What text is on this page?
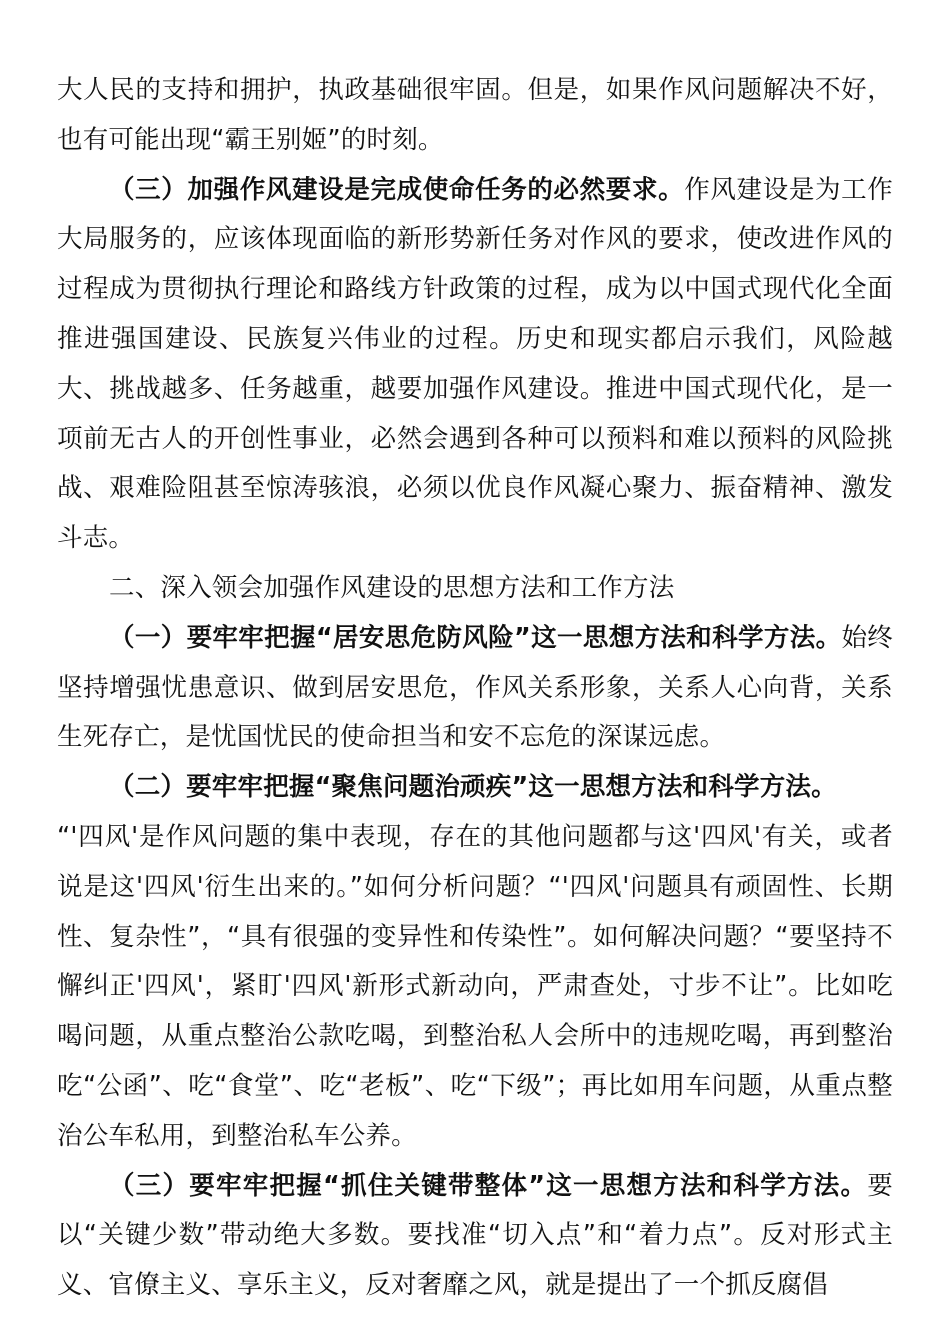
大人民的支持和拥护，执政基础很牢固。但是，如果作风问题解决不好，也有可能出现“霸王别姬”的时刻。

（三）加强作风建设是完成使命任务的必然要求。作风建设是为工作大局服务的，应该体现面临的新形势新任务对作风的要求，使改进作风的过程成为贯彻执行理论和路线方针政策的过程，成为以中国式现代化全面推进强国建设、民族复兴伟业的过程。历史和现实都启示我们，风险越大、挑战越多、任务越重，越要加强作风建设。推进中国式现代化，是一项前无古人的开创性事业，必然会遇到各种可以预料和难以预料的风险挑战、艰难险阻甚至惊涛骇浪，必须以优良作风凝心聚力、振奋精神、激发斗志。

二、深入领会加强作风建设的思想方法和工作方法

（一）要牢牢把握“居安思危防风险”这一思想方法和科学方法。始终坚持增强忧患意识、做到居安思危，作风关系形象，关系人心向背，关系生死存亡，是忧国忧民的使命担当和安不忘危的深谋远虑。

（二）要牢牢把握“聚焦问题治顽疾”这一思想方法和科学方法。

“'四风'是作风问题的集中表现，存在的其他问题都与这'四风'有关，或者说是这'四风'衍生出来的。”如何分析问题？“'四风'问题具有顽固性、长期性、复杂性”，“具有很强的变异性和传染性”。如何解决问题？“要坚持不懈纠正'四风'，紧盯'四风'新形式新动向，严肃查处，寸步不让”。比如吃喝问题，从重点整治公款吃喝，到整治私人会所中的违规吃喝，再到整治吃“公函”、吃“食堂”、吃“老板”、吃“下级”；再比如用车问题，从重点整治公车私用，到整治私车公养。

（三）要牢牢把握“抓住关键带整体”这一思想方法和科学方法。要以“关键少数”带动绝大多数。要找准“切入点”和“着力点”。反对形式主义、官僚主义、享乐主义，反对奢靡之风，就是提出了一个抓反腐倡
